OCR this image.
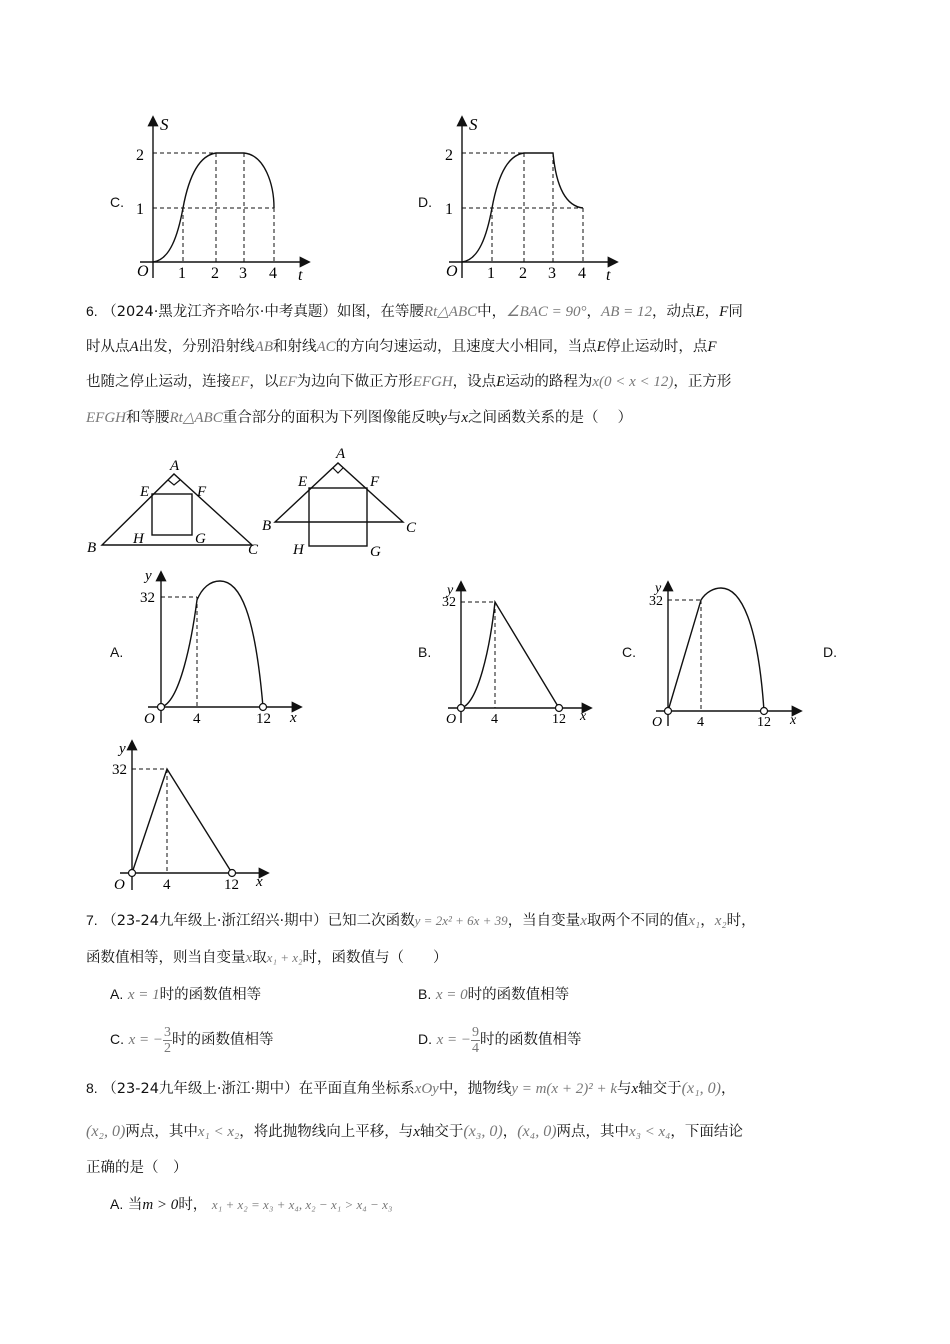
C.
S
2
1
O 1 2 3 4 t
D.
S
2
1
O 1 2 3 4 t
6. （2024·黑龙江齐齐哈尔·中考真题）如图，在等腰Rt△ABC中，∠BAC = 90°，AB = 12，动点E，F同
时从点A出发，分别沿射线AB和射线AC的方向匀速运动，且速度大小相同，当点E停止运动时，点F
也随之停止运动，连接EF，以EF为边向下做正方形EFGH，设点E运动的路程为x(0 < x < 12)，正方形
EFGH和等腰Rt△ABC重合部分的面积为下列图像能反映y与x之间函数关系的是（　 ）
A
E	F
H	G
B	C
A
E	F
B	C
H	G
A.
y
32
O	4	12 x
B.
y
32
O 4	12 x
C.
y
32
O 4	12 x
D.
y
32
O	4	12 x
7. （23-24九年级上·浙江绍兴·期中）已知二次函数y = 2x² + 6x + 39，当自变量x取两个不同的值x₁，x₂时，
函数值相等，则当自变量x取x₁ + x₂时，函数值与（　　）
A. x = 1时的函数值相等	B. x = 0时的函数值相等
C. x = − $\frac{3}{2}$ 时的函数值相等	D. x = − $\frac{9}{4}$ 时的函数值相等
8. （23-24九年级上·浙江·期中）在平面直角坐标系xOy中，抛物线y = m(x + 2)² + k与x轴交于(x₁, 0)，
(x₂, 0)两点，其中x₁ < x₂，将此抛物线向上平移，与x轴交于(x₃, 0)，(x₄, 0)两点，其中x₃ < x₄，下面结论
正确的是（　）
A. 当m > 0时， x₁ + x₂ = x₃ + x₄, x₂ − x₁ > x₄ − x₃
